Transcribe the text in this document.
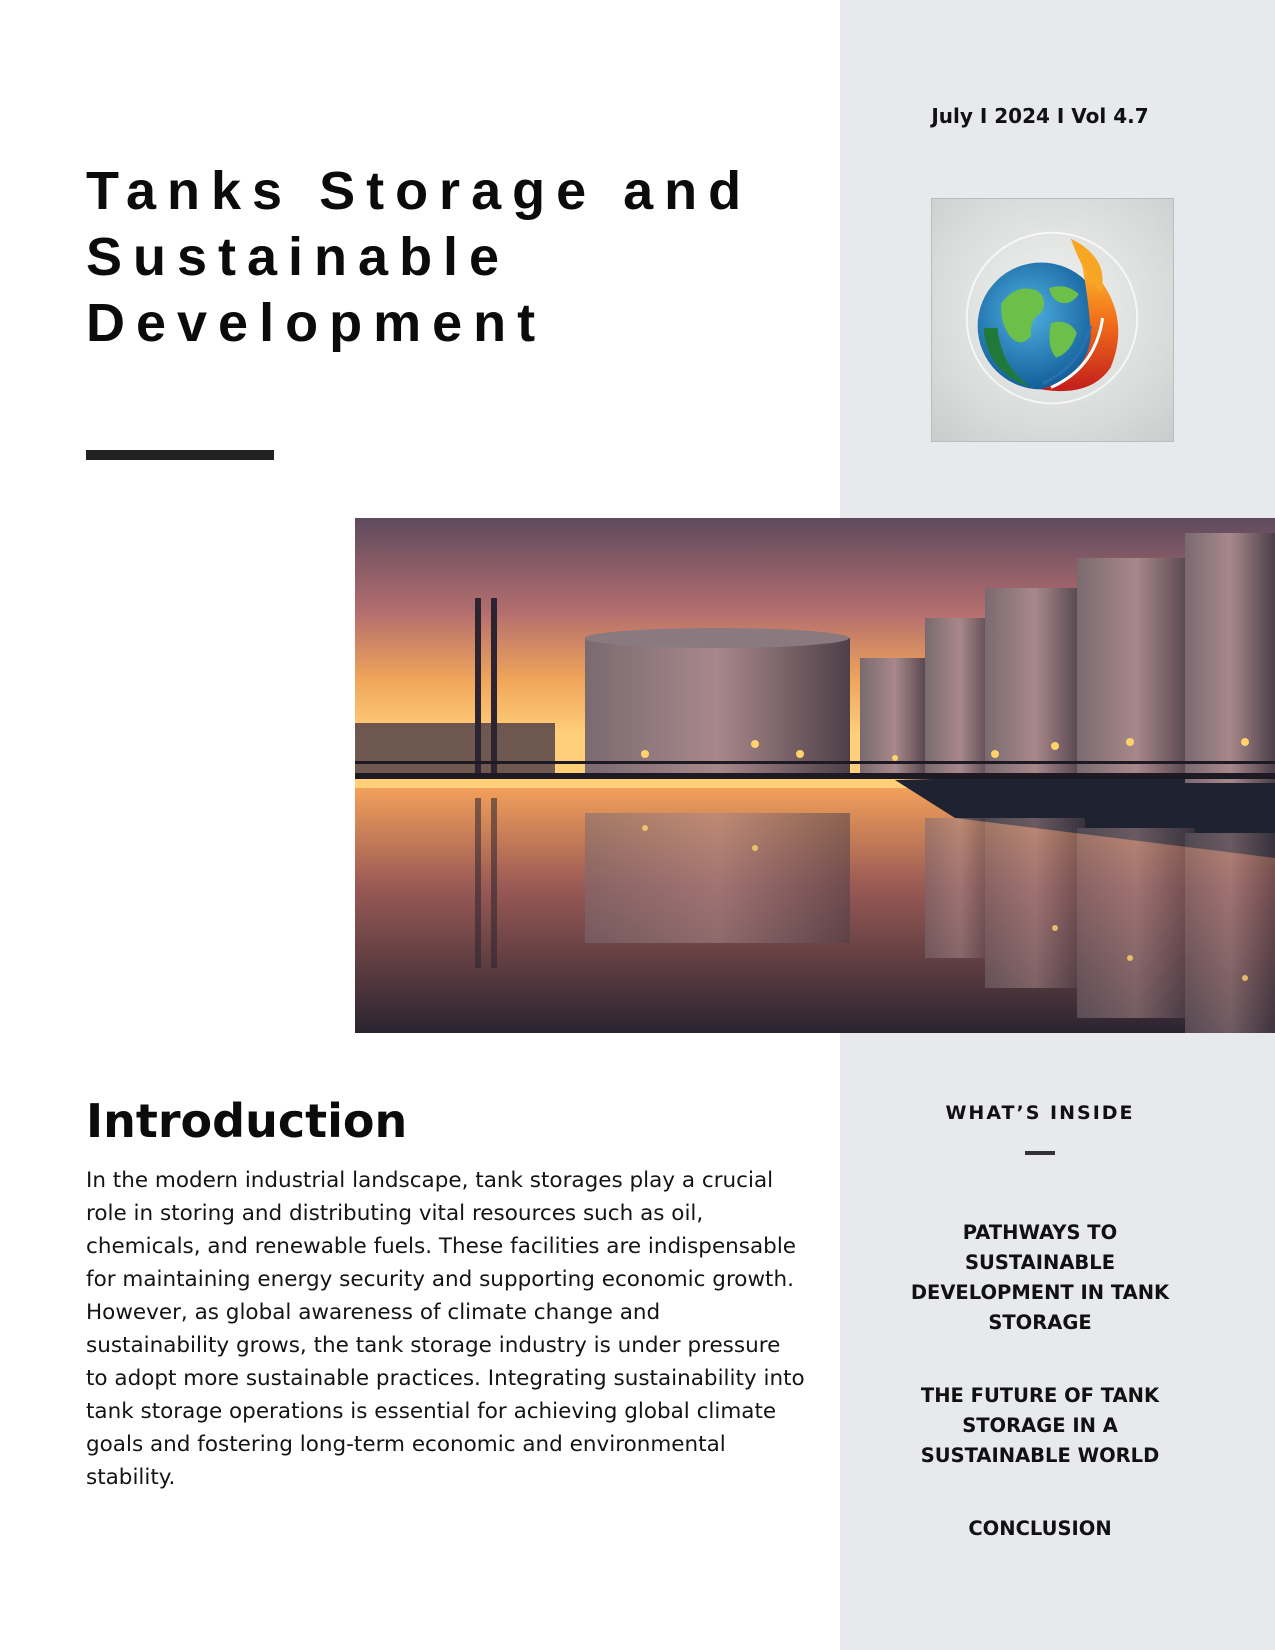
July I 2024 I Vol 4.7
Tanks Storage and Sustainable Development
Introduction

In the modern industrial landscape, tank storages play a crucial role in storing and distributing vital resources such as oil, chemicals, and renewable fuels. These facilities are indispensable for maintaining energy security and supporting economic growth. However, as global awareness of climate change and sustainability grows, the tank storage industry is under pressure to adopt more sustainable practices. Integrating sustainability into tank storage operations is essential for achieving global climate goals and fostering long-term economic and environmental stability.

WHAT’S INSIDE
PATHWAYS TO SUSTAINABLE DEVELOPMENT IN TANK STORAGE
THE FUTURE OF TANK STORAGE IN A SUSTAINABLE WORLD
CONCLUSION
